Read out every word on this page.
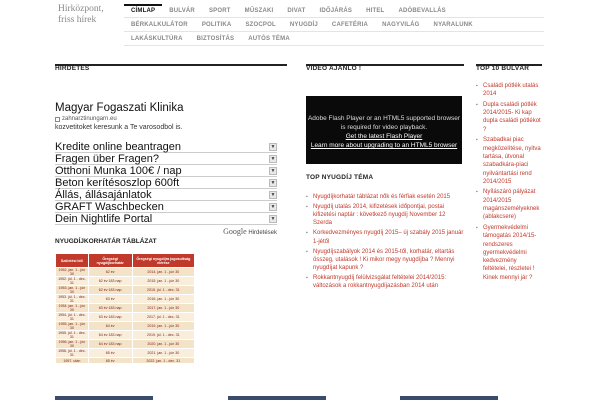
Hírközpont, friss hírek
CÍMLAP	BULVÁR	SPORT	MŰSZAKI	DIVAT	IDŐJÁRÁS	HITEL	ADÓBEVALLÁS
BÉRKALKULÁTOR	POLITIKA	SZOCPOL	NYUGDÍJ	CAFETÉRIA	NAGYVILÁG	NYARALUNK
LAKÁSKULTÚRA	BIZTOSÍTÁS	AUTÓS TÉMA
HIRDETÉS
Magyar Fogaszati Klinika
zahnarztinungarn.eu
kozvetitoket keresunk a Te varosodbol is.
Kredite online beantragen	▼
Fragen über Fragen?	▼
Otthoni Munka 100€ / nap	▼
Beton kerítésoszlop 600ft	▼
Állás, állásajánlatok	▼
GRAFT Waschbecken	▼
Dein Nightlife Portal	▼
Google Hirdetések
NYUGDÍJKORHATÁR TÁBLÁZAT
Születési idő	Öregségi nyugdíjkorhatár	Öregségi nyugdíjra jogosultság elérése
1952. jan. 1 - jún 30	62 év	2014. jan. 1 - jún 30
1952. júl. 1 - dec. 31	62 év 183 nap	2015. jan. 1 - jún 30
1953. jan. 1 - jún 30	62 év 183 nap	2015. júl. 1 - dec. 31
1953. júl. 1 - dec. 31	63 év	2016. jan. 1 - jún 30
1954. jan. 1 - jún 30	63 év 183 nap	2017. jan. 1 - jún 30
1954. júl. 1 - dec. 31	63 év 183 nap	2017. júl. 1 - dec. 31
1955. jan. 1 - jún 30	64 év	2019. jan. 1 - jún 30
1955. júl. 1 - dec. 31	64 év 183 nap	2019. júl. 1 - dec. 31
1956. jan. 1 - jún 30	64 év 183 nap	2020. jan. 1 - jún 30
1956. júl. 1 - dec. 31	65 év	2021. jan. 1 - jún 30
1957. után	65 év	2022. jan. 1 - dec. 31
VIDEÓ AJÁNLÓ !
Adobe Flash Player or an HTML5 supported browser is required for video playback.
Get the latest Flash Player
Learn more about upgrading to an HTML5 browser
TOP NYUGDÍJ TÉMA
▪ Nyugdíjkorhatár táblázat nők és férfiak esetén 2015
▪ Nyugdíj utalás 2014, kifizetések időpontjai, postai kifizetési naptár : következő nyugdíj November 12 Szerda
▪ Korkedvezményes nyugdíj 2015– új szabály 2015 január 1-jétől
▪ Nyugdíjszabályok 2014 és 2015-től, korhatár, eltartás összeg, utalások ! Ki mikor megy nyugdíjba ? Mennyi nyugdíjat kapunk ?
▪ Rokkantnyugdíj felülvizsgálat feltételei 2014/2015: változások a rokkantnyugdíjazásban 2014 után
TOP 10 BULVÁR
▪ Családi pótlék utalás 2014
▪ Dupla családi pótlék 2014/2015- Ki kap dupla családi pótlékot ?
▪ Szabadkai piac megközelítése, nyitva tartása, útvonal szabadkára-piaci nyilvántartási rend 2014/2015
▪ Nyílászáró pályázat 2014/2015 magánszemélyeknek (ablakcsere)
▪ Gyermekvédelmi támogatás 2014/15-rendszeres gyermekvédelmi kedvezmény feltételei, részletei ! Kinek mennyi jár ?
